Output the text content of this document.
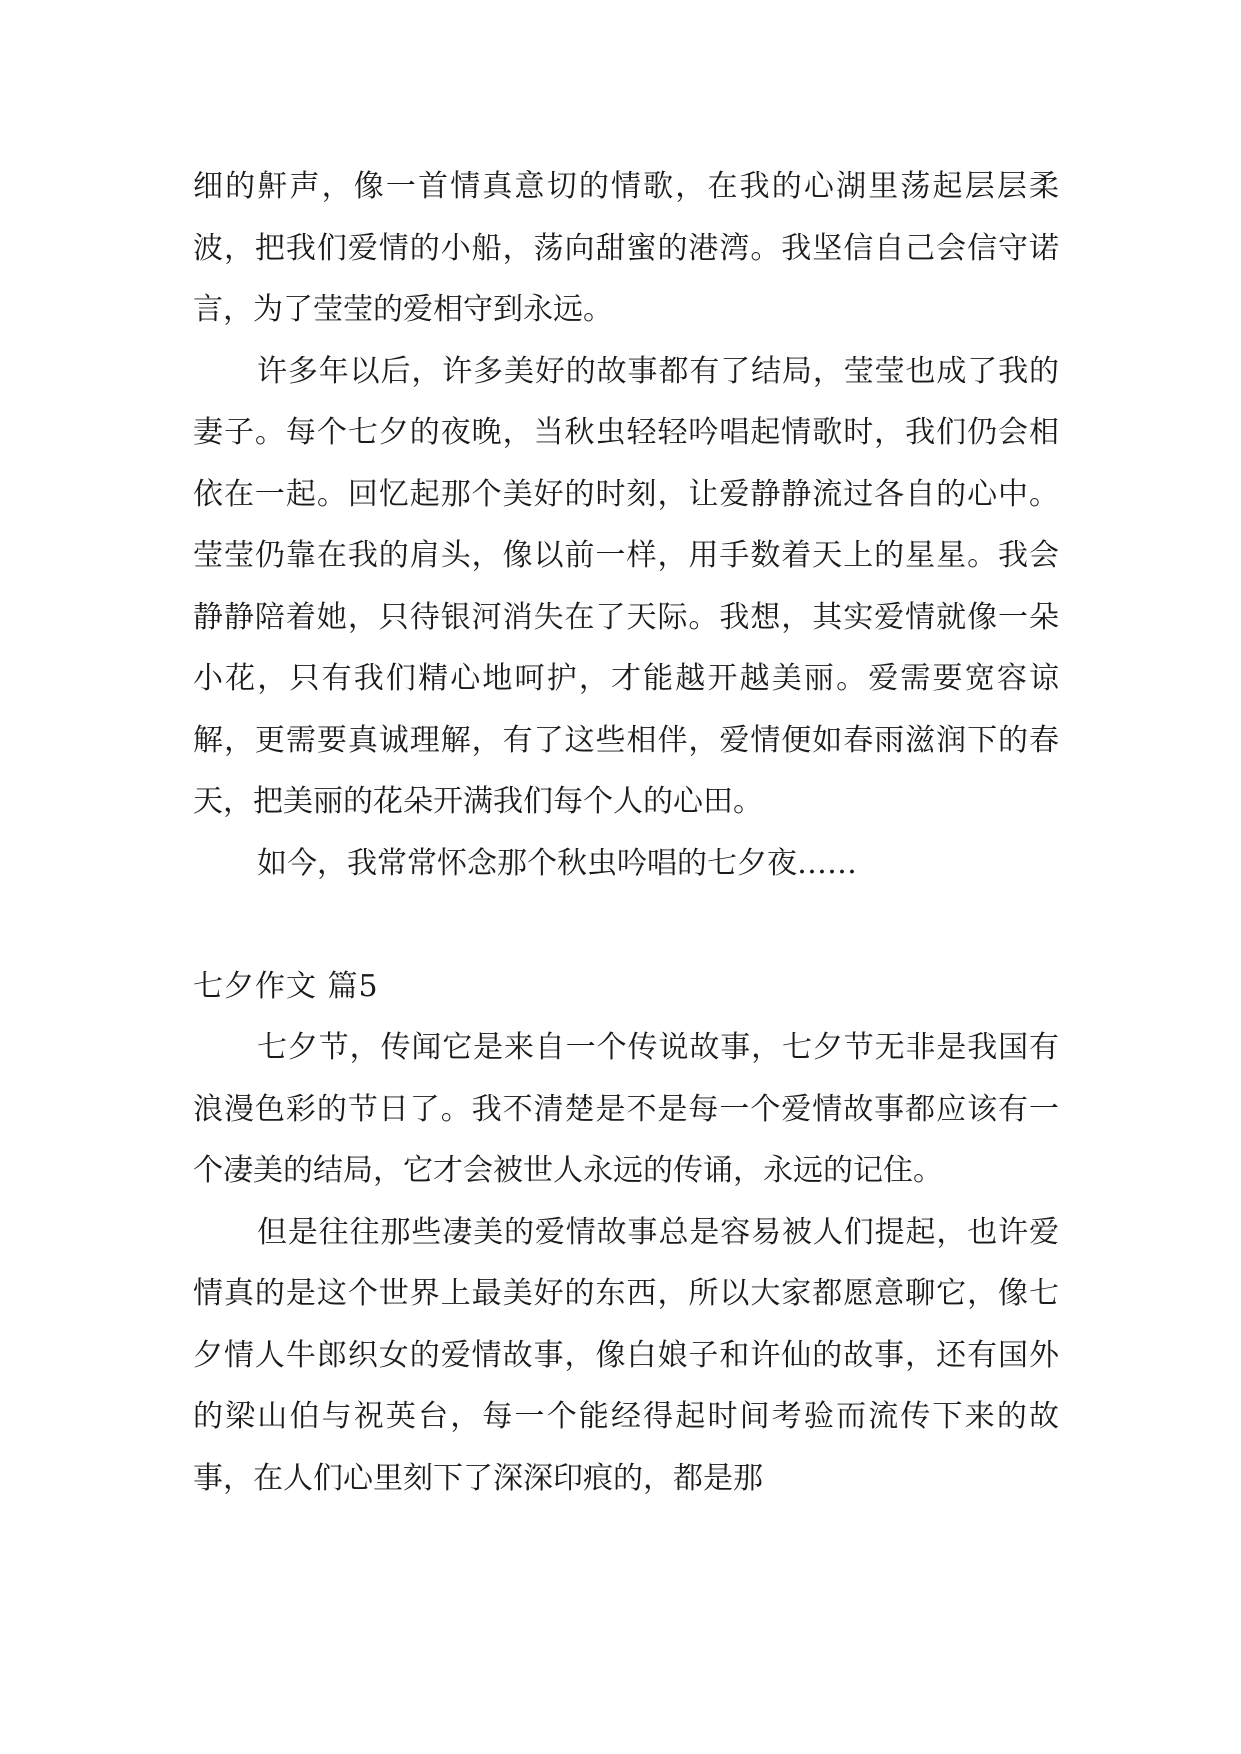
细的鼾声，像一首情真意切的情歌，在我的心湖里荡起层层柔波，把我们爱情的小船，荡向甜蜜的港湾。我坚信自己会信守诺言，为了莹莹的爱相守到永远。

许多年以后，许多美好的故事都有了结局，莹莹也成了我的妻子。每个七夕的夜晚，当秋虫轻轻吟唱起情歌时，我们仍会相依在一起。回忆起那个美好的时刻，让爱静静流过各自的心中。莹莹仍靠在我的肩头，像以前一样，用手数着天上的星星。我会静静陪着她，只待银河消失在了天际。我想，其实爱情就像一朵小花，只有我们精心地呵护，才能越开越美丽。爱需要宽容谅解，更需要真诚理解，有了这些相伴，爱情便如春雨滋润下的春天，把美丽的花朵开满我们每个人的心田。

如今，我常常怀念那个秋虫吟唱的七夕夜……

七夕作文 篇5

七夕节，传闻它是来自一个传说故事，七夕节无非是我国有浪漫色彩的节日了。我不清楚是不是每一个爱情故事都应该有一个凄美的结局，它才会被世人永远的传诵，永远的记住。

但是往往那些凄美的爱情故事总是容易被人们提起，也许爱情真的是这个世界上最美好的东西，所以大家都愿意聊它，像七夕情人牛郎织女的爱情故事，像白娘子和许仙的故事，还有国外的梁山伯与祝英台，每一个能经得起时间考验而流传下来的故事，在人们心里刻下了深深印痕的，都是那
